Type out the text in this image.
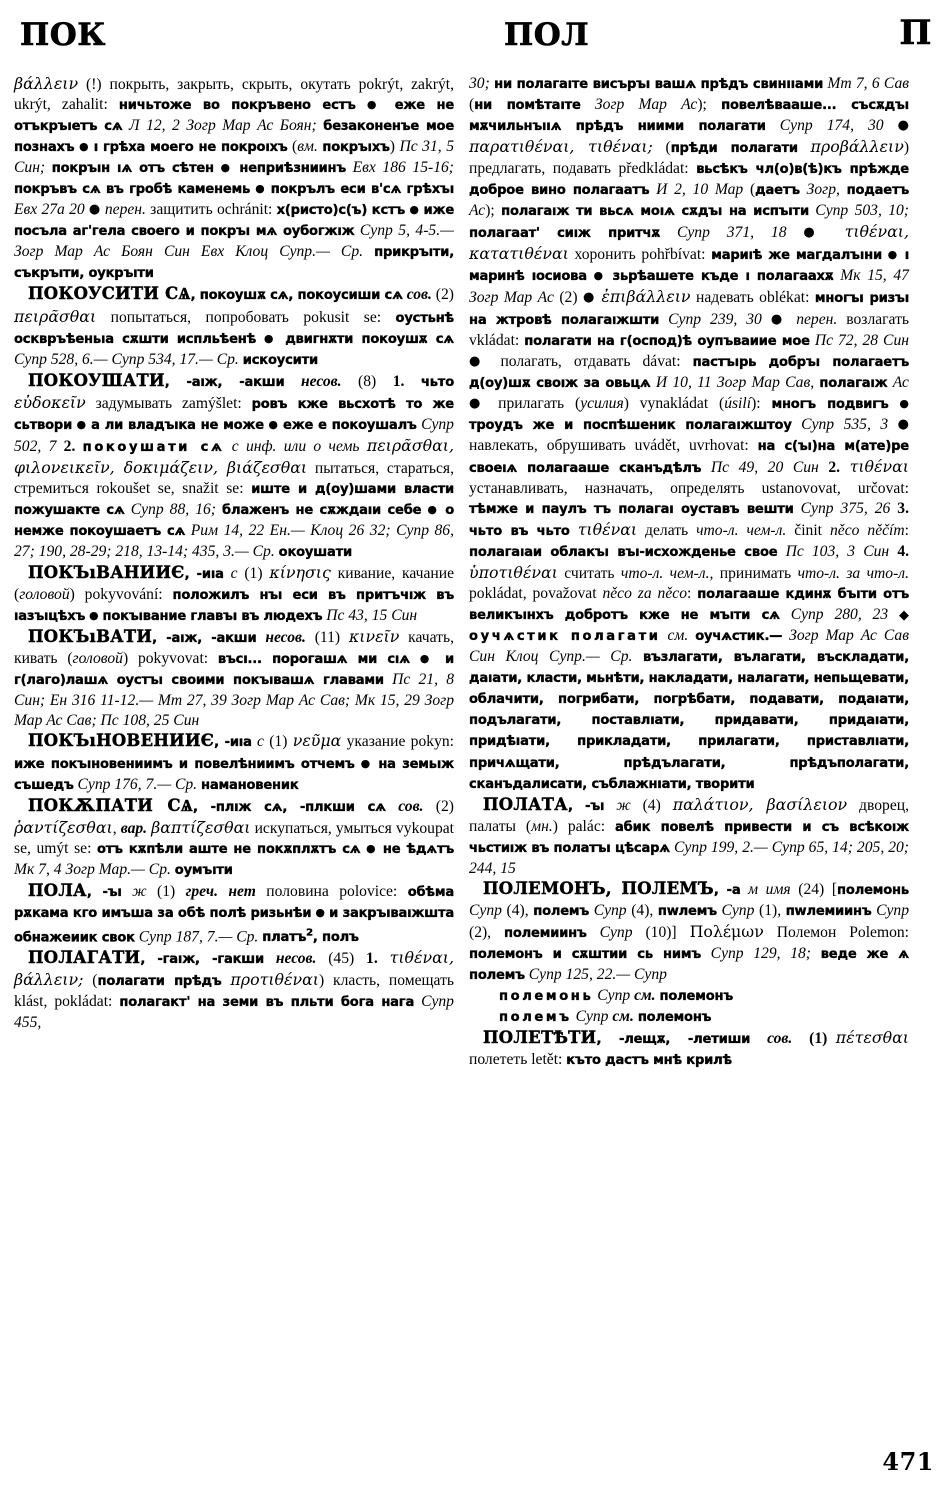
ПОК	ПОЛ	П

βάλλειν (!) покрыть, закрыть, скрыть, окутать pokrýt, zakrýt, ukrýt, zahalit: ничьтоже во покръвено естъ ● еже не отъкръıетъ сѧ Л 12, 2 Зогр Мар Ас Боян; безаконенъе мое познахъ ● ı грѣха моего не покроıхъ (вм. покръıхъ) Пс 31, 5 Син; покръıн ıѧ отъ сѣтен ● неприѣзниинъ Евх 186 15-16; покръвъ сѧ въ гробѣ каменемь ● покрълъ еси в'сѧ грѣхъı Евх 27а 20 ● перен. защитить ochránit: х(ристо)с(ъ) кстъ ● иже посъла аг'гела своего и покръı мѧ оубогжıж Супр 5, 4-5.— Зогр Мар Ас Боян Син Евх Клоц Супр.— Ср. прикръıти, съкръıти, оукръıти

ПОКОУСИТИ СѦ, покоушѫ сѧ, покоусиши сѧ сов. (2) πειρᾶσθαι попытаться, попробовать pokusit se: оустьнѣ осквръѣеньıа сѫшти испльѣенѣ ● двигнѫти покоушѫ сѧ Супр 528, 6.— Супр 534, 17.— Ср. искоусити

ПОКОУШАТИ, -аıж, -акши несов. (8) 1. чьто εὐδοκεῖν задумывать zamýšlet: ровъ кже вьсхотѣ то же сьтвори ● а ли владъıка не може ● еже е покоушалъ Супр 502, 7 2. покоушати сѧ с инф. или о чемь πειρᾶσθαι, φιλονεικεῖν, δοκιμάζειν, βιάζεσθαι пытаться, стараться, стремиться rokoušet se, snažit se: иште и д(оу)шами власти пожушакте сѧ Супр 88, 16; блаженъ не сѫждаıи себе ● о немже покоушаетъ сѧ Рим 14, 22 Ен.— Клоц 26 32; Супр 86, 27; 190, 28-29; 218, 13-14; 435, 3.— Ср. окоушати

ПОКЪıВАНИИЄ, -иıа с (1) κίνησις кивание, качание (головой) pokyvování: положилъ нъı еси въ притъчıж въ ıазъıцѣхъ ● покъıвание главъı въ людехъ Пс 43, 15 Син

ПОКЪıВАТИ, -аıж, -акши несов. (11) κινεῖν качать, кивать (головой) pokyvovat: въсı... порогашѧ ми сıѧ ● и г(лаго)лашѧ оустъı своими покъıвашѧ главами Пс 21, 8 Син; Ен 316 11-12.— Мт 27, 39 Зогр Мар Ас Сав; Мк 15, 29 Зогр Мар Ас Сав; Пс 108, 25 Син

ПОКЪıНОВЕНИИЄ, -иıа с (1) νεῦμα указание pokyn: иже покъıновениимъ и повелѣниимъ отчемъ ● на земьıж съшедъ Супр 176, 7.— Ср. намановеник

ПОКѪПАТИ СѦ, -плıж сѧ, -плкши сѧ сов. (2) ῥαντίζεσθαι, вар. βαπτίζεσθαι искупаться, умыться vykoupat se, umýt se: отъ кѫпѣли аште не покѫплѫтъ сѧ ● не ѣдѧтъ Мк 7, 4 Зогр Мар.— Ср. оумъıти

ПОЛА, -ъı ж (1) греч. нет половина polovice: обѣма рѫкама кго имъша за обѣ полѣ ризьнѣи ● и закръıваıжшта обнажеиик свок Супр 187, 7.— Ср. платъ$^2$, полъ

ПОЛАГАТИ, -гаıж, -гакши несов. (45) 1. τιθέναι, βάλλειν; (полагати прѣдъ προτιθέναι) класть, помещать klást, pokládat: полагакт' на земи въ пльти бога нага Супр 455,

30; ни полагаıте висъръı вашѧ прѣдъ свинııами Мт 7, 6 Сав (ни помѣтаıте Зогр Мар Ас); повелѣвааше... съсѫдъı мѫчильнъııѧ прѣдъ ниими полагати Супр 174, 30 ● παρατιθέναι, τιθέναι; (прѣди полагати προβάλλειν) предлагать, подавать předkládat: вьсѣкъ чл(о)в(ѣ)къ прѣжде доброе вино полагаатъ И 2, 10 Мар (даетъ Зогр, подаетъ Ас); полагаıж ти вьсѧ моıѧ сѫдъı на испъıти Супр 503, 10; полагаат' сиıж притчѫ Супр 371, 18 ● τιθέναι, κατατιθέναι хоронить pohřbívat: мариıѣ же магдалъıни ● ı маринѣ ıосиова ● зьрѣашете къде ı полагаахѫ Мк 15, 47 Зогр Мар Ас (2) ● ἐπιβάλλειν надевать oblékat: многъı ризъı на жтровѣ полагаıжшти Супр 239, 30 ● перен. возлагать vkládat: полагати на г(оспод)ѣ оупъваиие мое Пс 72, 28 Син ● полагать, отдавать dávat: пастъıрь добръı полагаетъ д(оу)шѫ своıж за овьцѧ И 10, 11 Зогр Мар Сав, полагаıж Ас ● прилагать (усилия) vynakládat (úsilí): многъ подвигъ ● троудъ же и поспѣшеник полагаıжштоу Супр 535, 3 ● навлекать, обрушивать uvádět, uvrhovat: на с(ъı)на м(ате)ре своеıѧ полагааше сканъдѣлъ Пс 49, 20 Син 2. τιθέναι устанавливать, назначать, определять ustanovovat, určovat: тѣмже и паулъ тъ полагаı оуставъ вешти Супр 375, 26 3. чьто въ чьто τιθέναι делать что-л. чем-л. činit něco něčím: полагаıаи облакъı въı-исхожденье свое Пс 103, 3 Син 4. ὑποτιθέναι считать что-л. чем-л., принимать что-л. за что-л. pokládat, považovat něco za něco: полагааше кдинѫ бъıти отъ великъıнхъ добротъ кже не мъıти сѧ Супр 280, 23 ◆ оучѧстик полагати см. оучѧстик.— Зогр Мар Ас Сав Син Клоц Супр.— Ср. възлагати, вълагати, въскладати, даıати, класти, мьнѣти, накладати, налагати, непьщевати, облачити, погрибати, погрѣбати, подавати, подаıати, подълагати, поставлıати, придавати, придаıати, придѣıати, прикладати, прилагати, приставлıати, причѧщати, прѣдълагати, прѣдъполагати, сканъдалисати, съблажнıати, творити

ПОЛАТА, -ъı ж (4) παλάτιον, βασίλειον дворец, палаты (мн.) palác: абик повелѣ привести и съ всѣкоıж чьстиıж въ полатъı цѣсарѧ Супр 199, 2.— Супр 65, 14; 205, 20; 244, 15

ПОЛЕМОНЪ, ПОЛЕМЪ, -а м имя (24) [полемонь Супр (4), полемъ Супр (4), пwлемъ Супр (1), пwлемиинъ Супр (2), полемиинъ Супр (10)] Πολέμων Полемон Polemon: полемонъ и сѫштии сь нимъ Супр 129, 18; веде же ѧ полемъ Супр 125, 22.— Супр

полемонь Супр см. полемонъ

полемъ Супр см. полемонъ

ПОЛЕТѢТИ,  -лещѫ,  -летиши сов. (1) πέτεσθαι полететь letět: къто дастъ мнѣ крилѣ

471
